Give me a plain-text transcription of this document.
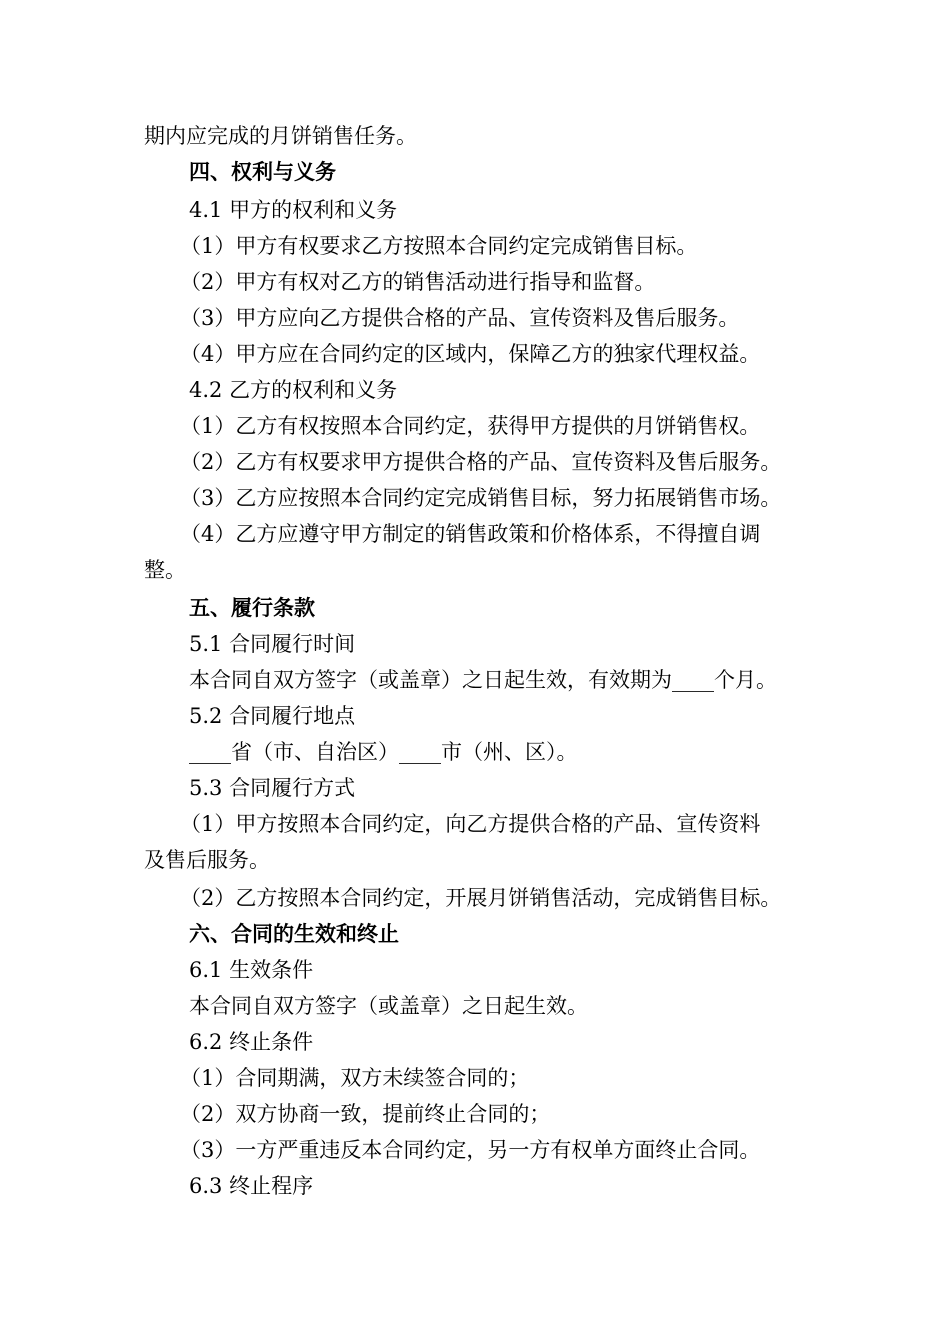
期内应完成的月饼销售任务。
四、权利与义务
4.1 甲方的权利和义务
（1）甲方有权要求乙方按照本合同约定完成销售目标。
（2）甲方有权对乙方的销售活动进行指导和监督。
（3）甲方应向乙方提供合格的产品、宣传资料及售后服务。
（4）甲方应在合同约定的区域内，保障乙方的独家代理权益。
4.2 乙方的权利和义务
（1）乙方有权按照本合同约定，获得甲方提供的月饼销售权。
（2）乙方有权要求甲方提供合格的产品、宣传资料及售后服务。
（3）乙方应按照本合同约定完成销售目标，努力拓展销售市场。
（4）乙方应遵守甲方制定的销售政策和价格体系，不得擅自调
整。
五、履行条款
5.1 合同履行时间
本合同自双方签字（或盖章）之日起生效，有效期为____个月。
5.2 合同履行地点
____省（市、自治区）____市（州、区）。
5.3 合同履行方式
（1）甲方按照本合同约定，向乙方提供合格的产品、宣传资料
及售后服务。
（2）乙方按照本合同约定，开展月饼销售活动，完成销售目标。
六、合同的生效和终止
6.1 生效条件
本合同自双方签字（或盖章）之日起生效。
6.2 终止条件
（1）合同期满，双方未续签合同的；
（2）双方协商一致，提前终止合同的；
（3）一方严重违反本合同约定，另一方有权单方面终止合同。
6.3 终止程序
